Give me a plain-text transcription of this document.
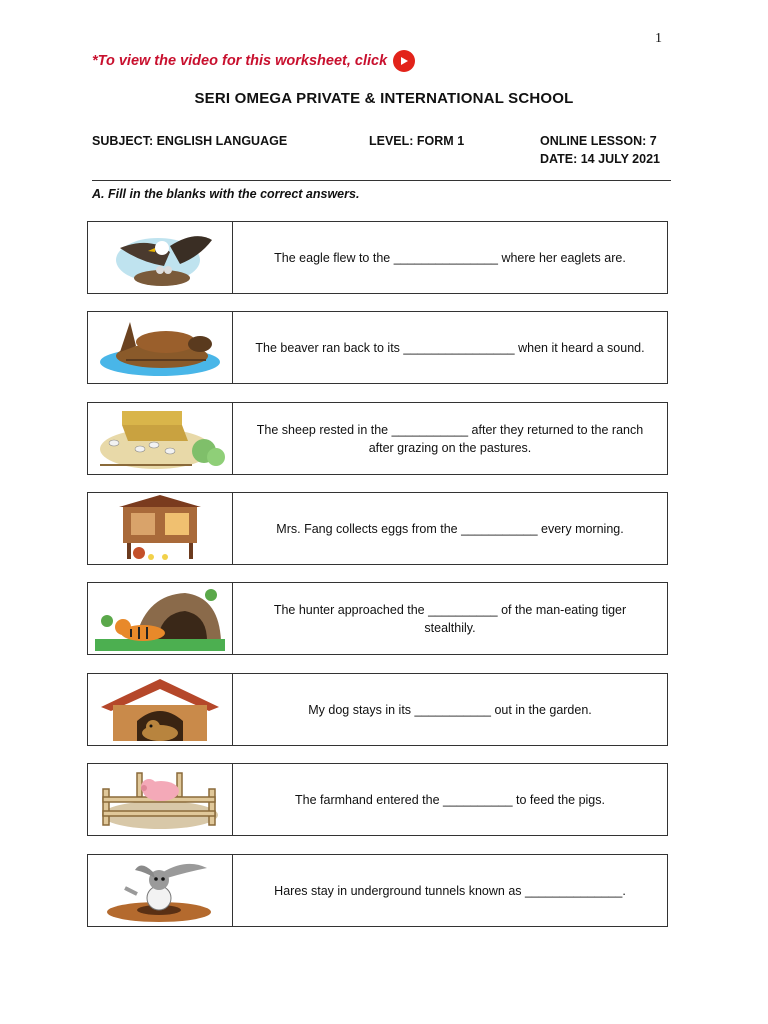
1
*To view the video for this worksheet, click
SERI OMEGA PRIVATE & INTERNATIONAL SCHOOL
SUBJECT: ENGLISH LANGUAGE	LEVEL: FORM 1	ONLINE LESSON: 7
DATE: 14 JULY 2021
A. Fill in the blanks with the correct answers.
The eagle flew to the _______________ where her eaglets are.
The beaver ran back to its ________________ when it heard a sound.
The sheep rested in the ___________ after they returned to the ranch after grazing on the pastures.
Mrs. Fang collects eggs from the ___________ every morning.
The hunter approached the __________ of the man-eating tiger stealthily.
My dog stays in its ___________ out in the garden.
The farmhand entered the __________ to feed the pigs.
Hares stay in underground tunnels known as ______________.
